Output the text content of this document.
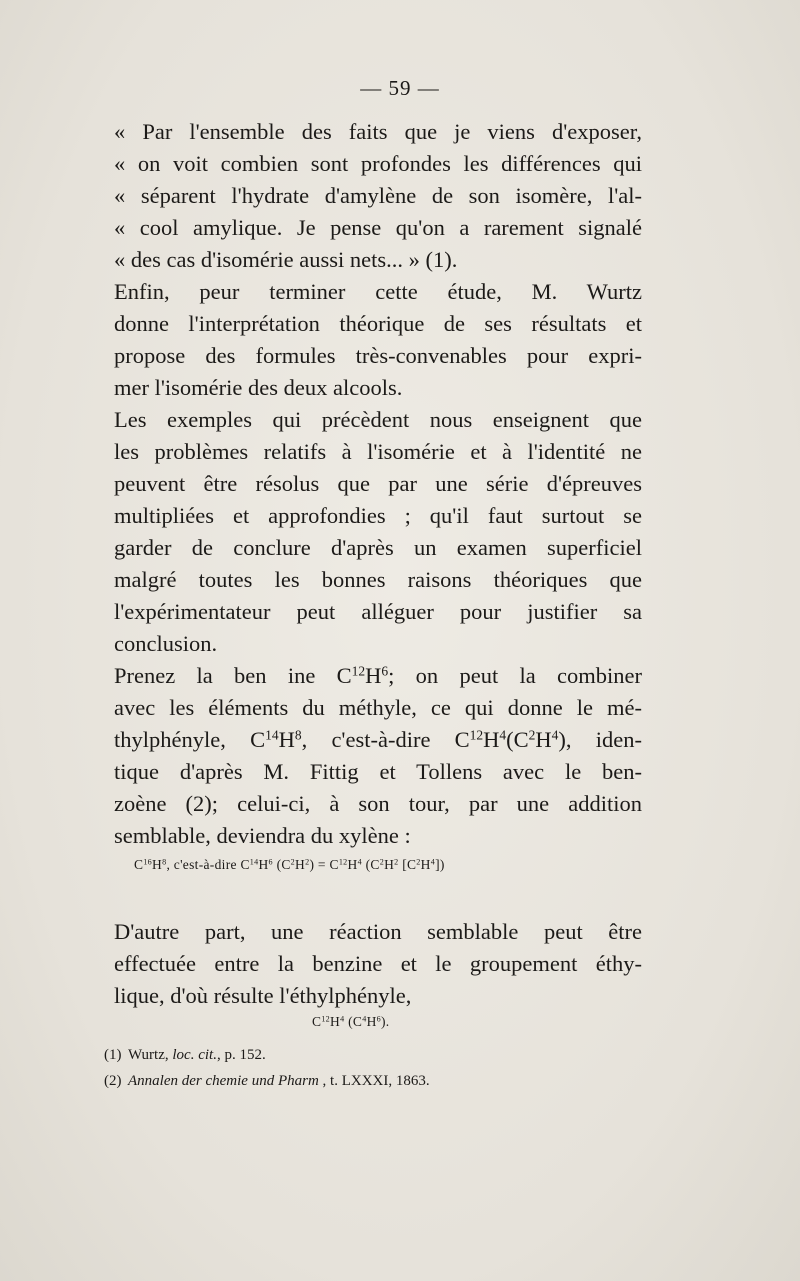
— 59 —
« Par l'ensemble des faits que je viens d'exposer,
« on voit combien sont profondes les différences qui
« séparent l'hydrate d'amylène de son isomère, l'al-
« cool amylique. Je pense qu'on a rarement signalé
« des cas d'isomérie aussi nets... » (1).
Enfin, peur terminer cette étude, M. Wurtz
donne l'interprétation théorique de ses résultats et
propose des formules très-convenables pour expri-
mer l'isomérie des deux alcools.
Les exemples qui précèdent nous enseignent que
les problèmes relatifs à l'isomérie et à l'identité ne
peuvent être résolus que par une série d'épreuves
multipliées et approfondies ; qu'il faut surtout se
garder de conclure d'après un examen superficiel
malgré toutes les bonnes raisons théoriques que
l'expérimentateur peut alléguer pour justifier sa
conclusion.
Prenez la ben ine $C^{12}H^6$; on peut la combiner
avec les éléments du méthyle, ce qui donne le mé-
thylphényle, $C^{14}H^8$, c'est-à-dire $C^{12}H^4(C^2H^4)$, iden-
tique d'après M. Fittig et Tollens avec le ben-
zoène (2); celui-ci, à son tour, par une addition
semblable, deviendra du xylène :
$C^{16}H^8$, c'est-à-dire $C^{14}H^6$ $(C^2H^2) = C^{12}H^4$ ($C^2H^2$ $[C^2H^4]$)
D'autre part, une réaction semblable peut être
effectuée entre la benzine et le groupement éthy-
lique, d'où résulte l'éthylphényle,
$C^{12}H^4$ $(C^4H^6)$.
(1) Wurtz, loc. cit., p. 152.
(2) Annalen der chemie und Pharm , t. LXXXI, 1863.
